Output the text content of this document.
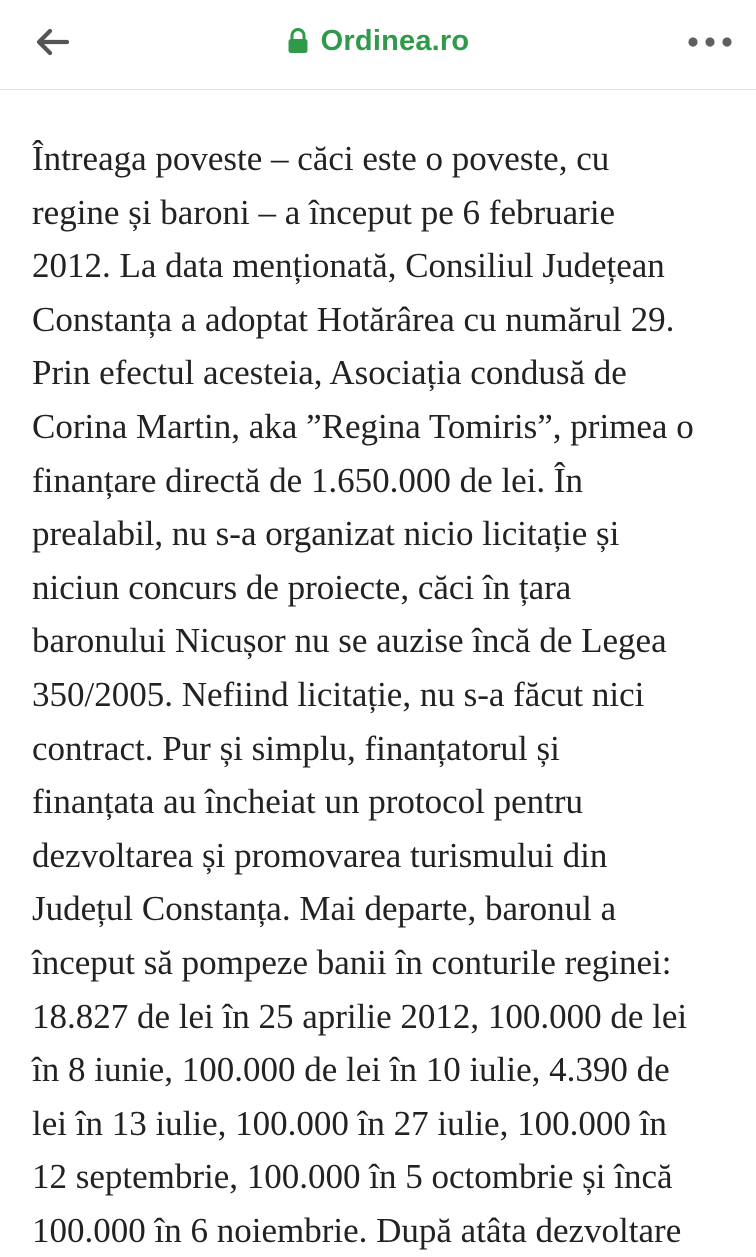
Ordinea.ro
Întreaga poveste – căci este o poveste, cu
regine și baroni – a început pe 6 februarie
2012. La data menționată, Consiliul Județean
Constanța a adoptat Hotărârea cu numărul 29.
Prin efectul acesteia, Asociația condusă de
Corina Martin, aka ”Regina Tomiris”, primea o
finanțare directă de 1.650.000 de lei. În
prealabil, nu s-a organizat nicio licitație și
niciun concurs de proiecte, căci în țara
baronului Nicușor nu se auzise încă de Legea
350/2005. Nefiind licitație, nu s-a făcut nici
contract. Pur și simplu, finanțatorul și
finanțata au încheiat un protocol pentru
dezvoltarea și promovarea turismului din
Județul Constanța. Mai departe, baronul a
început să pompeze banii în conturile reginei:
18.827 de lei în 25 aprilie 2012, 100.000 de lei
în 8 iunie, 100.000 de lei în 10 iulie, 4.390 de
lei în 13 iulie, 100.000 în 27 iulie, 100.000 în
12 septembrie, 100.000 în 5 octombrie și încă
100.000 în 6 noiembrie. După atâta dezvoltare
